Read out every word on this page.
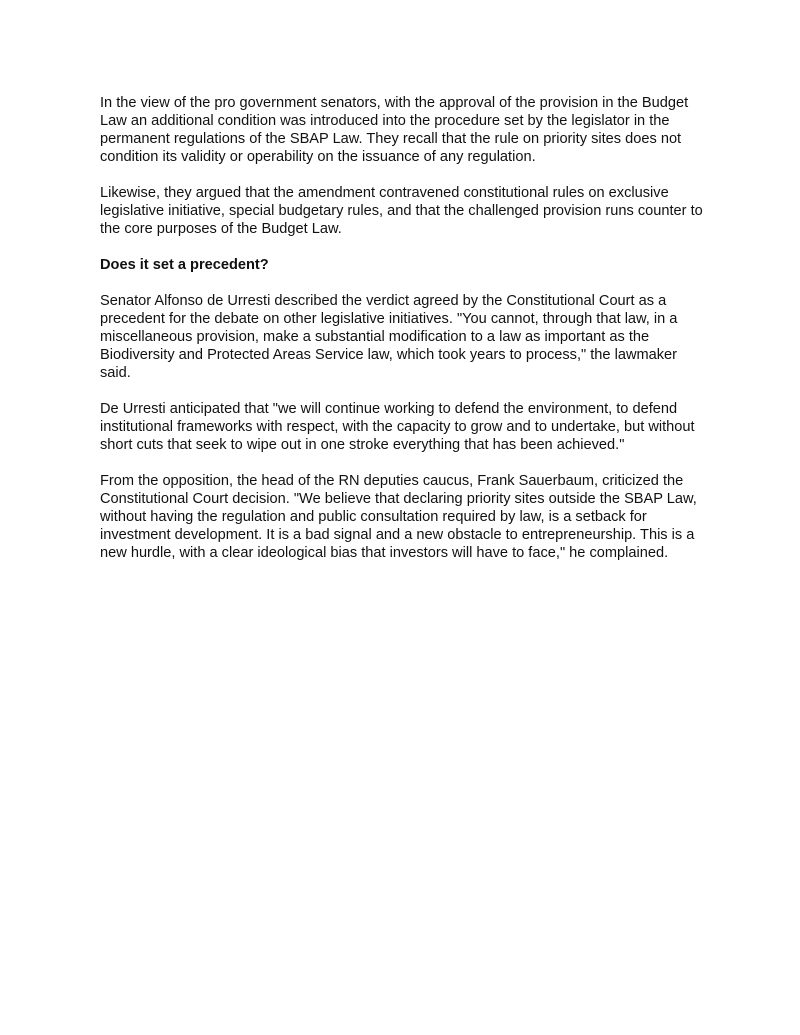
In the view of the pro government senators, with the approval of the provision in the Budget Law an additional condition was introduced into the procedure set by the legislator in the permanent regulations of the SBAP Law. They recall that the rule on priority sites does not condition its validity or operability on the issuance of any regulation.

Likewise, they argued that the amendment contravened constitutional rules on exclusive legislative initiative, special budgetary rules, and that the challenged provision runs counter to the core purposes of the Budget Law.

Does it set a precedent?

Senator Alfonso de Urresti described the verdict agreed by the Constitutional Court as a precedent for the debate on other legislative initiatives. "You cannot, through that law, in a miscellaneous provision, make a substantial modification to a law as important as the Biodiversity and Protected Areas Service law, which took years to process," the lawmaker said.

De Urresti anticipated that "we will continue working to defend the environment, to defend institutional frameworks with respect, with the capacity to grow and to undertake, but without short cuts that seek to wipe out in one stroke everything that has been achieved."

From the opposition, the head of the RN deputies caucus, Frank Sauerbaum, criticized the Constitutional Court decision. "We believe that declaring priority sites outside the SBAP Law, without having the regulation and public consultation required by law, is a setback for investment development. It is a bad signal and a new obstacle to entrepreneurship. This is a new hurdle, with a clear ideological bias that investors will have to face," he complained.
